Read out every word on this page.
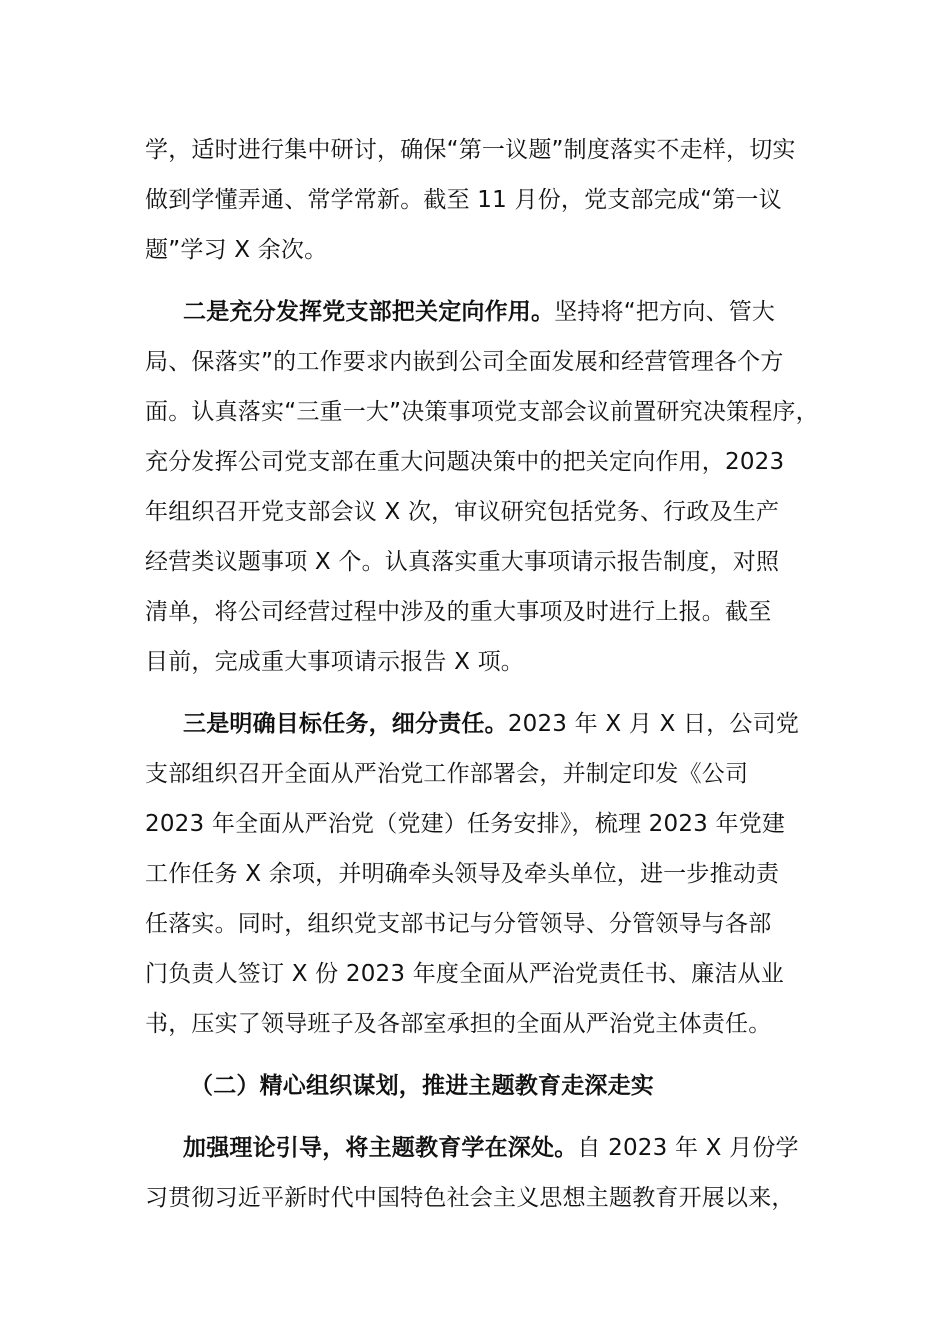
学，适时进行集中研讨，确保“第一议题”制度落实不走样，切实
做到学懂弄通、常学常新。截至 11 月份，党支部完成“第一议
题”学习 X 余次。
二是充分发挥党支部把关定向作用。坚持将“把方向、管大
局、保落实”的工作要求内嵌到公司全面发展和经营管理各个方
面。认真落实“三重一大”决策事项党支部会议前置研究决策程序，
充分发挥公司党支部在重大问题决策中的把关定向作用，2023
年组织召开党支部会议 X 次，审议研究包括党务、行政及生产
经营类议题事项 X 个。认真落实重大事项请示报告制度，对照
清单，将公司经营过程中涉及的重大事项及时进行上报。截至
目前，完成重大事项请示报告 X 项。
三是明确目标任务，细分责任。2023 年 X 月 X 日，公司党
支部组织召开全面从严治党工作部署会，并制定印发《公司
2023 年全面从严治党（党建）任务安排》，梳理 2023 年党建
工作任务 X 余项，并明确牵头领导及牵头单位，进一步推动责
任落实。同时，组织党支部书记与分管领导、分管领导与各部
门负责人签订 X 份 2023 年度全面从严治党责任书、廉洁从业
书，压实了领导班子及各部室承担的全面从严治党主体责任。
（二）精心组织谋划，推进主题教育走深走实
加强理论引导，将主题教育学在深处。自 2023 年 X 月份学
习贯彻习近平新时代中国特色社会主义思想主题教育开展以来，
